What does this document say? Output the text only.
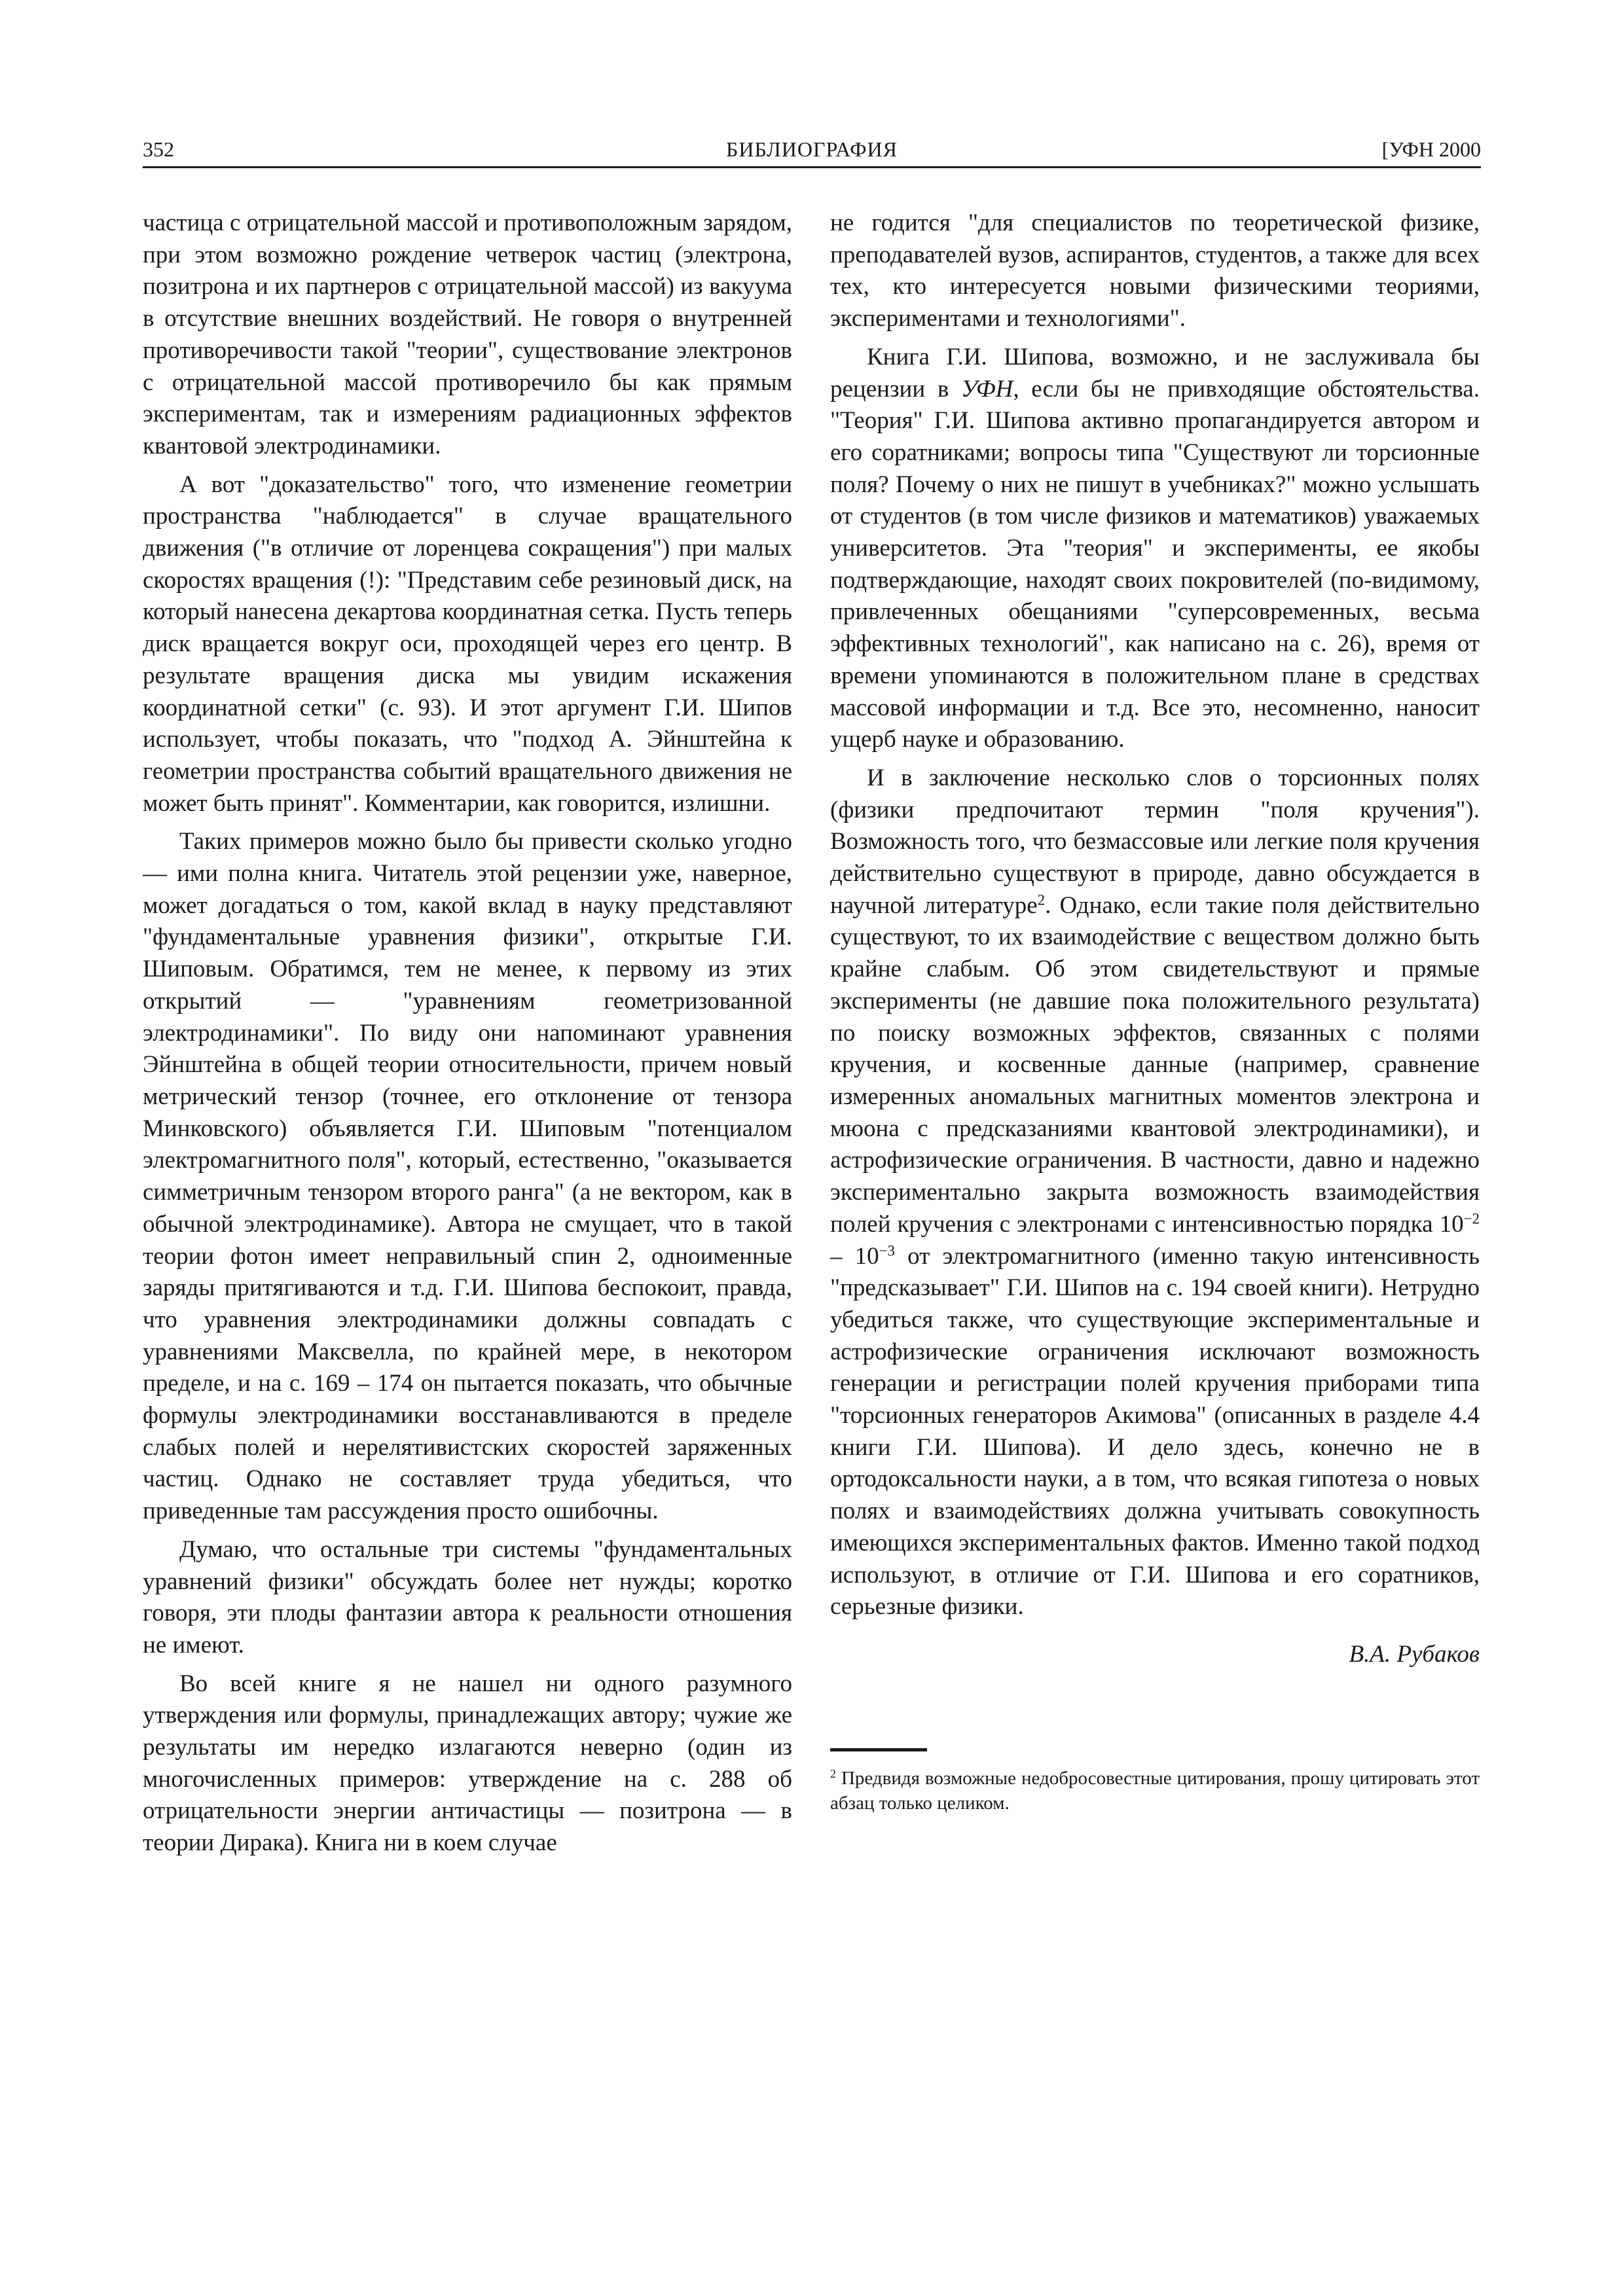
352	БИБЛИОГРАФИЯ	[УФН 2000

частица с отрицательной массой и противоположным зарядом, при этом возможно рождение четверок частиц (электрона, позитрона и их партнеров с отрицательной массой) из вакуума в отсутствие внешних воздействий. Не говоря о внутренней противоречивости такой "теории", существование электронов с отрицательной массой противоречило бы как прямым экспериментам, так и измерениям радиационных эффектов квантовой электродинамики.

А вот "доказательство" того, что изменение геометрии пространства "наблюдается" в случае вращательного движения ("в отличие от лоренцева сокращения") при малых скоростях вращения (!): "Представим себе резиновый диск, на который нанесена декартова координатная сетка. Пусть теперь диск вращается вокруг оси, проходящей через его центр. В результате вращения диска мы увидим искажения координатной сетки" (с. 93). И этот аргумент Г.И. Шипов использует, чтобы показать, что "подход А. Эйнштейна к геометрии пространства событий вращательного движения не может быть принят". Комментарии, как говорится, излишни.

Таких примеров можно было бы привести сколько угодно — ими полна книга. Читатель этой рецензии уже, наверное, может догадаться о том, какой вклад в науку представляют "фундаментальные уравнения физики", открытые Г.И. Шиповым. Обратимся, тем не менее, к первому из этих открытий — "уравнениям геометризованной электродинамики". По виду они напоминают уравнения Эйнштейна в общей теории относительности, причем новый метрический тензор (точнее, его отклонение от тензора Минковского) объявляется Г.И. Шиповым "потенциалом электромагнитного поля", который, естественно, "оказывается симметричным тензором второго ранга" (а не вектором, как в обычной электродинамике). Автора не смущает, что в такой теории фотон имеет неправильный спин 2, одноименные заряды притягиваются и т.д. Г.И. Шипова беспокоит, правда, что уравнения электродинамики должны совпадать с уравнениями Максвелла, по крайней мере, в некотором пределе, и на с. 169 – 174 он пытается показать, что обычные формулы электродинамики восстанавливаются в пределе слабых полей и нерелятивистских скоростей заряженных частиц. Однако не составляет труда убедиться, что приведенные там рассуждения просто ошибочны.

Думаю, что остальные три системы "фундаментальных уравнений физики" обсуждать более нет нужды; коротко говоря, эти плоды фантазии автора к реальности отношения не имеют.

Во всей книге я не нашел ни одного разумного утверждения или формулы, принадлежащих автору; чужие же результаты им нередко излагаются неверно (один из многочисленных примеров: утверждение на с. 288 об отрицательности энергии античастицы — позитрона — в теории Дирака). Книга ни в коем случае

не годится "для специалистов по теоретической физике, преподавателей вузов, аспирантов, студентов, а также для всех тех, кто интересуется новыми физическими теориями, экспериментами и технологиями".

Книга Г.И. Шипова, возможно, и не заслуживала бы рецензии в УФН, если бы не привходящие обстоятельства. "Теория" Г.И. Шипова активно пропагандируется автором и его соратниками; вопросы типа "Существуют ли торсионные поля? Почему о них не пишут в учебниках?" можно услышать от студентов (в том числе физиков и математиков) уважаемых университетов. Эта "теория" и эксперименты, ее якобы подтверждающие, находят своих покровителей (по-видимому, привлеченных обещаниями "суперсовременных, весьма эффективных технологий", как написано на с. 26), время от времени упоминаются в положительном плане в средствах массовой информации и т.д. Все это, несомненно, наносит ущерб науке и образованию.

И в заключение несколько слов о торсионных полях (физики предпочитают термин "поля кручения"). Возможность того, что безмассовые или легкие поля кручения действительно существуют в природе, давно обсуждается в научной литературе$^2$. Однако, если такие поля действительно существуют, то их взаимодействие с веществом должно быть крайне слабым. Об этом свидетельствуют и прямые эксперименты (не давшие пока положительного результата) по поиску возможных эффектов, связанных с полями кручения, и косвенные данные (например, сравнение измеренных аномальных магнитных моментов электрона и мюона с предсказаниями квантовой электродинамики), и астрофизические ограничения. В частности, давно и надежно экспериментально закрыта возможность взаимодействия полей кручения с электронами с интенсивностью порядка $10^{-2} - 10^{-3}$ от электромагнитного (именно такую интенсивность "предсказывает" Г.И. Шипов на с. 194 своей книги). Нетрудно убедиться также, что существующие экспериментальные и астрофизические ограничения исключают возможность генерации и регистрации полей кручения приборами типа "торсионных генераторов Акимова" (описанных в разделе 4.4 книги Г.И. Шипова). И дело здесь, конечно не в ортодоксальности науки, а в том, что всякая гипотеза о новых полях и взаимодействиях должна учитывать совокупность имеющихся экспериментальных фактов. Именно такой подход используют, в отличие от Г.И. Шипова и его соратников, серьезные физики.

В.А. Рубаков

$^2$ Предвидя возможные недобросовестные цитирования, прошу цитировать этот абзац только целиком.
